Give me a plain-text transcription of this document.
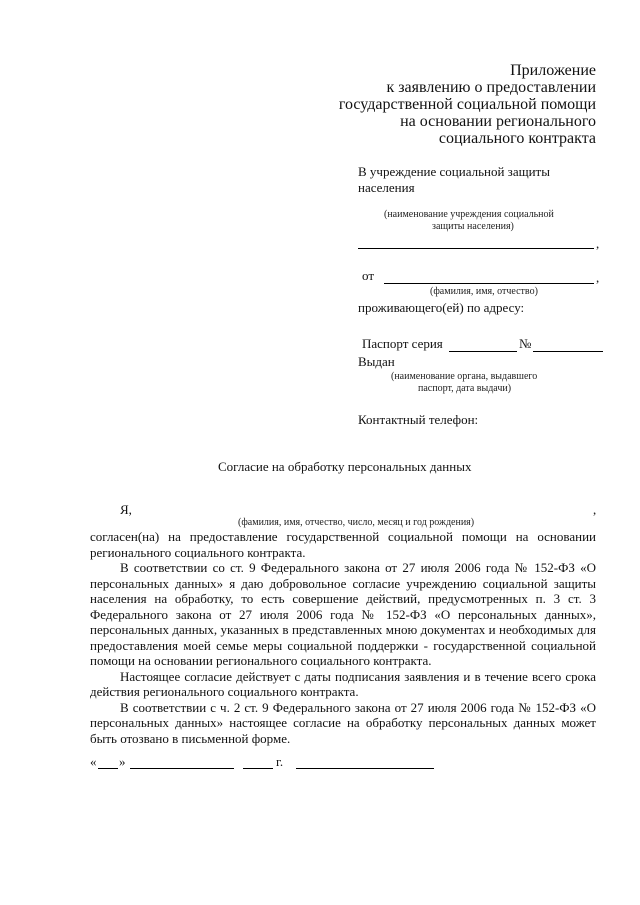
Приложение
к заявлению о предоставлении
государственной социальной помощи
на основании регионального
социального контракта
В учреждение социальной защиты
населения
(наименование учреждения социальной
защиты населения)
,
от	,
(фамилия, имя, отчество)
проживающего(ей) по адресу:
Паспорт серия	№
Выдан
(наименование органа, выдавшего
паспорт, дата выдачи)
Контактный телефон:
Согласие на обработку персональных данных
Я,	,
(фамилия, имя, отчество, число, месяц и год рождения)

согласен(на) на предоставление государственной социальной помощи на основании регионального социального контракта.

В соответствии со ст. 9 Федерального закона от 27 июля 2006 года № 152-ФЗ «О персональных данных» я даю добровольное согласие учреждению социальной защиты населения на обработку, то есть совершение действий, предусмотренных п. 3 ст. 3 Федерального закона от 27 июля 2006 года № 152-ФЗ «О персональных данных», персональных данных, указанных в представленных мною документах и необходимых для предоставления моей семье меры социальной поддержки - государственной социальной помощи на основании регионального социального контракта.

Настоящее согласие действует с даты подписания заявления и в течение всего срока действия регионального социального контракта.

В соответствии с ч. 2 ст. 9 Федерального закона от 27 июля 2006 года № 152-ФЗ «О персональных данных» настоящее согласие на обработку персональных данных может быть отозвано в письменной форме.

« »	г.
